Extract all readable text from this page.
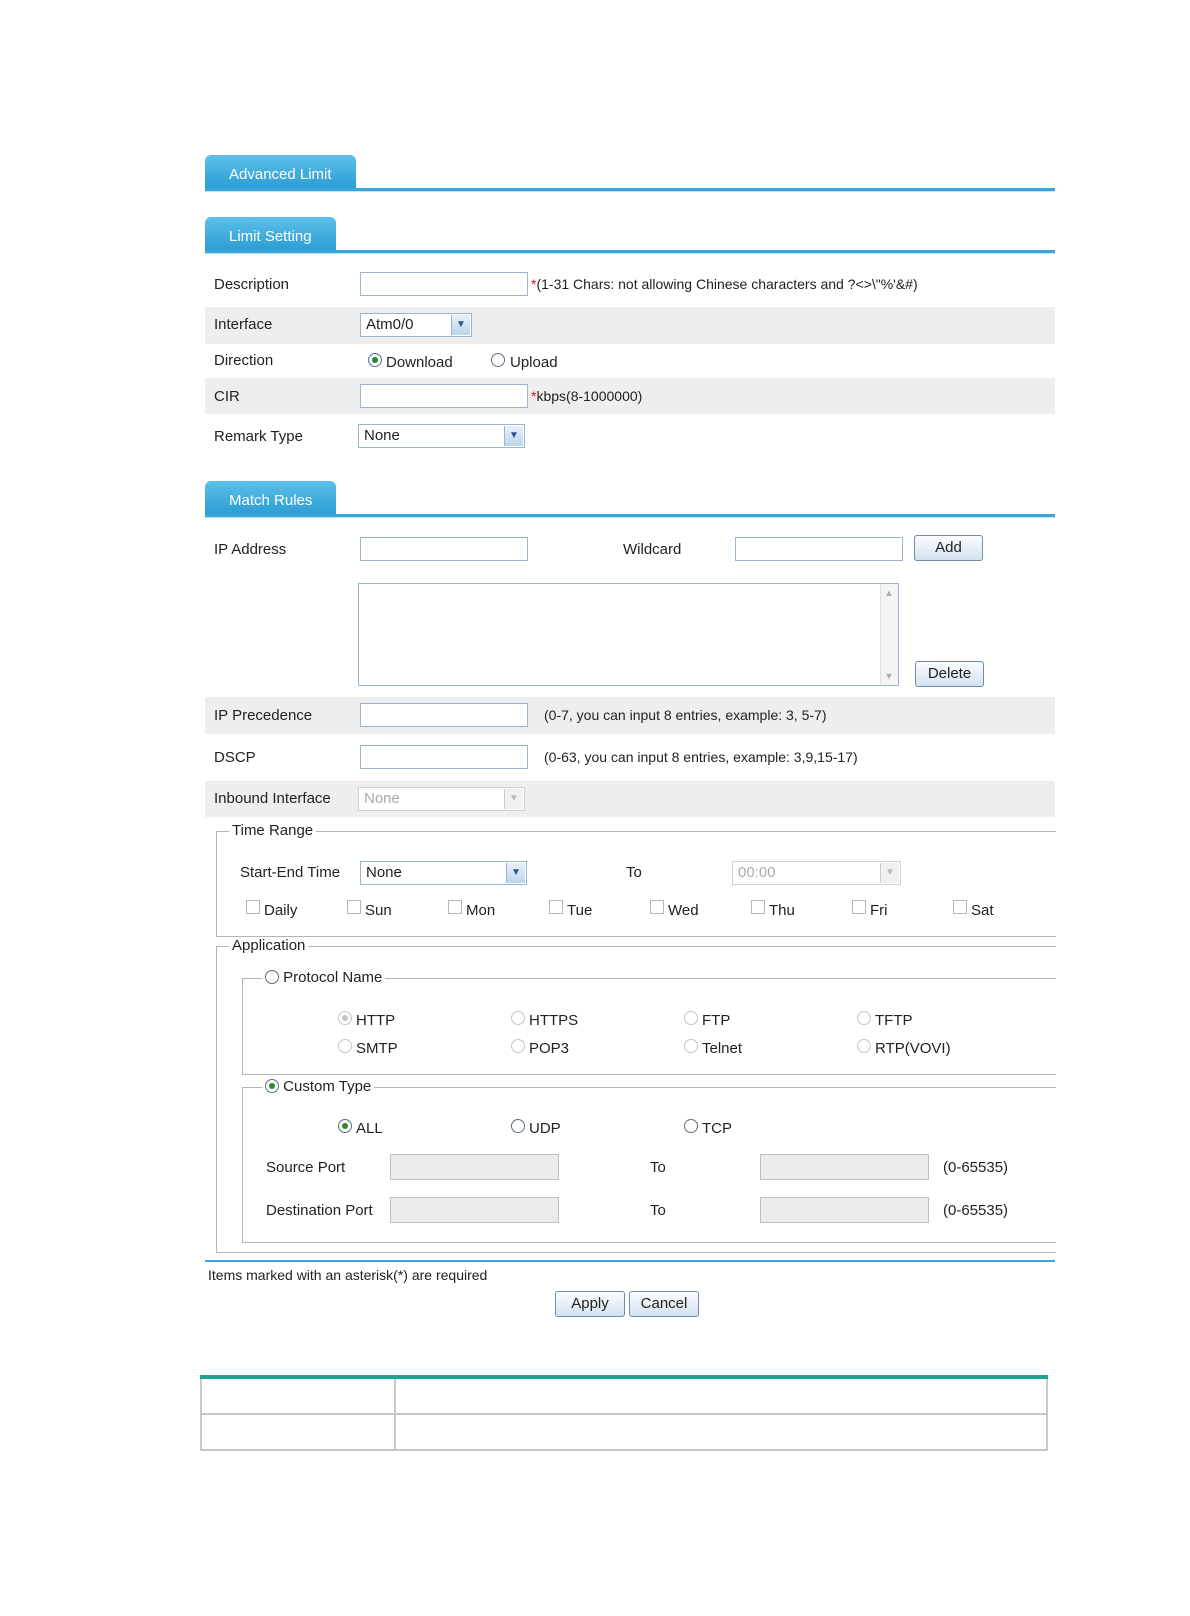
Advanced Limit
Limit Setting
Description	*(1-31 Chars: not allowing Chinese characters and ?<>\"%'&#)
Interface	Atm0/0	▼
Direction	Download	Upload
CIR	*kbps(8-1000000)
Remark Type	None	▼
Match Rules
IP Address	Wildcard	Add
▲
▼	Delete
IP Precedence	(0-7, you can input 8 entries, example: 3, 5-7)
DSCP	(0-63, you can input 8 entries, example: 3,9,15-17)
Inbound Interface	None	▼
Time Range
Start-End Time	None	▼	To	00:00	▼
Daily	Sun	Mon	Tue	Wed	Thu	Fri	Sat
Application
Protocol Name
HTTP	HTTPS	FTP	TFTP
SMTP	POP3	Telnet	RTP(VOVI)
Custom Type
ALL	UDP	TCP
Source Port	To	(0-65535)
Destination Port	To	(0-65535)
Items marked with an asterisk(*) are required
Apply	Cancel
